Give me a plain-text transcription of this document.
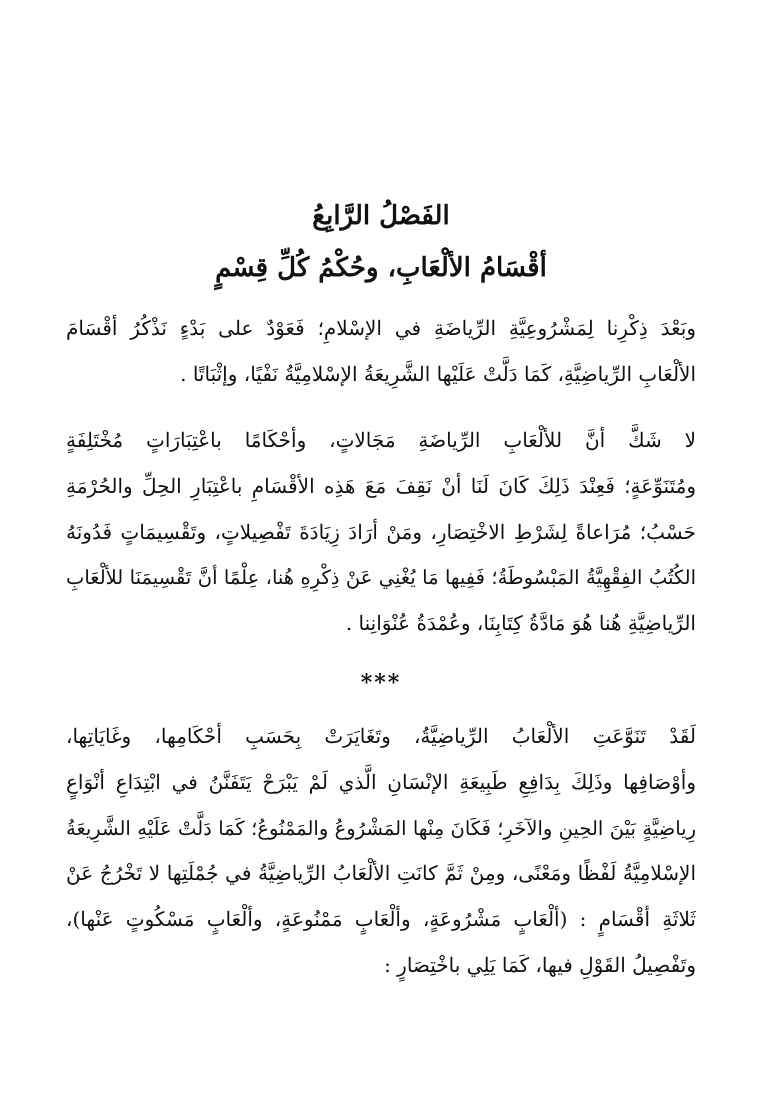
الفَصْلُ الرَّابِعُ
أقْسَامُ الألْعَابِ، وحُكْمُ كُلِّ قِسْمٍ
وبَعْدَ ذِكْرِنا لِمَشْرُوعِيَّةِ الرِّياضَةِ في الإسْلامِ؛ فَعَوْدٌ على بَدْءٍ نَذْكُرُ أقْسَامَ
الألْعَابِ الرِّياضِيَّةِ، كَمَا دَلَّتْ عَلَيْها الشَّرِيعَةُ الإسْلامِيَّةُ نَفْيًا، وإثْبَاتًا .
لا شَكَّ أنَّ للألْعَابِ الرِّياضَةِ مَجَالاتٍ، وأحْكَامًا باعْتِبَارَاتٍ مُخْتَلِفَةٍ
ومُتَنَوِّعَةٍ؛ فَعِنْدَ ذَلِكَ كَانَ لَنَا أنْ نَقِفَ مَعَ هَذِه الأقْسَامِ باعْتِبَارِ الحِلِّ والحُرْمَةِ
حَسْبُ؛ مُرَاعاةً لِشَرْطِ الاخْتِصَارِ، ومَنْ أرَادَ زِيَادَةَ تَفْصِيلاتٍ، وتَقْسِيمَاتٍ فَدُونَهُ
الكُتُبُ الفِقْهِيَّةُ المَبْسُوطَةُ؛ فَفِيها مَا يُغْنِي عَنْ ذِكْرِهِ هُنا، عِلْمًا أنَّ تَقْسِيمَنَا للألْعَابِ
الرِّياضِيَّةِ هُنا هُوَ مَادَّةُ كِتَابِنَا، وعُمْدَةُ عُنْوَانِنا .
***
لَقَدْ تَنَوَّعَتِ الألْعَابُ الرِّياضِيَّةُ، وتَغَايَرَتْ بِحَسَبِ أحْكَامِها، وغَايَاتِها،
وأوْصَافِها وذَلِكَ بِدَافِعِ طَبِيعَةِ الإنْسَانِ الَّذي لَمْ يَبْرَحْ يَتَفَنَّنُ في ابْتِدَاعِ أنْوَاعٍ
رِياضِيَّةٍ بَيْنَ الحِينِ والآخَرِ؛ فَكَانَ مِنْها المَشْرُوعُ والمَمْنُوعُ؛ كَمَا دَلَّتْ عَلَيْهِ الشَّرِيعَةُ
الإسْلامِيَّةُ لَفْظًا ومَعْنًى، ومِنْ ثَمَّ كانَتِ الألْعَابُ الرِّياضِيَّةُ في جُمْلَتِها لا تَخْرُجُ عَنْ
ثَلاثَةِ أقْسَامٍ : (ألْعَابٍ مَشْرُوعَةٍ، وألْعَابٍ مَمْنُوعَةٍ، وألْعَابٍ مَسْكُوتٍ عَنْها)،
وتَفْصِيلُ القَوْلِ فيها، كَمَا يَلِي باخْتِصَارٍ :
